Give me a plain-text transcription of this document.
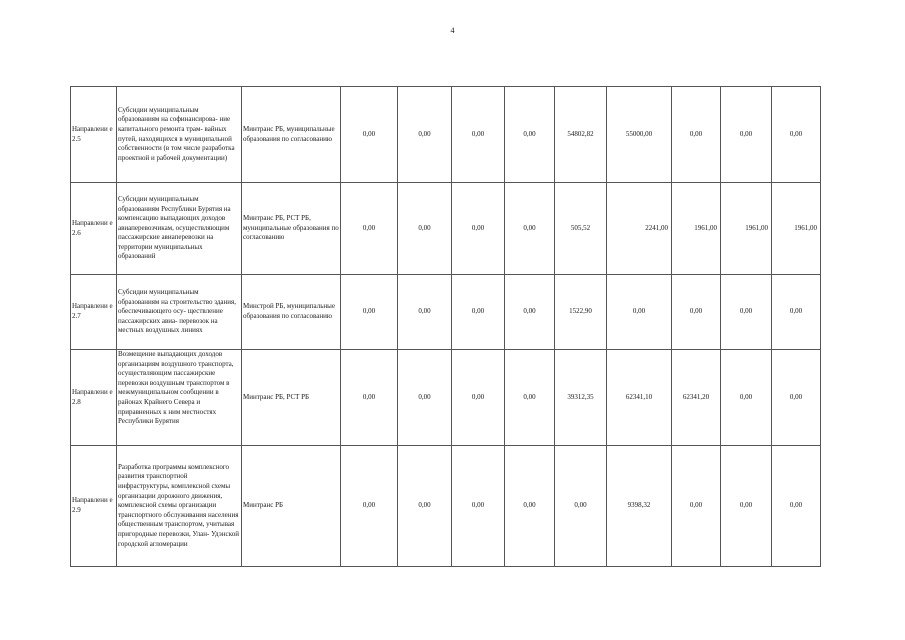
4
Направлени е 2.5	Субсидии муниципальным образованиям на софинансирова- ние капитального ремонта трам- вайных путей, находящихся в муниципальной собственности (в том числе разработка проектной и рабочей документации)	Минтранс РБ, муниципальные образования по согласованию	0,00	0,00	0,00	0,00	54802,82	55000,00	0,00	0,00	0,00
Направлени е 2.6	Субсидии муниципальным образованиям Республики Бурятия на компенсацию выпадающих доходов авиаперевозчикам, осуществляющим пассажирские авиаперевозки на территории муниципальных образований	Минтранс РБ, РСТ РБ, муниципальные образования по согласованию	0,00	0,00	0,00	0,00	505,52	2241,00	1961,00	1961,00	1961,00
Направлени е 2.7	Субсидии муниципальным образованиям на строительство здания, обеспечивающего осу- ществление пассажирских авиа- перевозок на местных воздушных линиях	Минстрой РБ, муниципальные образования по согласованию	0,00	0,00	0,00	0,00	1522,90	0,00	0,00	0,00	0,00
Направлени е 2.8	Возмещение выпадающих доходов организациям воздушного транспорта, осуществляющим пассажирские перевозки воздушным транспортом в межмуниципальном сообщении в районах Крайнего Севера и приравненных к ним местностях Республики Бурятия	Минтранс РБ, РСТ РБ	0,00	0,00	0,00	0,00	39312,35	62341,10	62341,20	0,00	0,00
Направлени е 2.9	Разработка программы комплексного развития транспортной инфраструктуры, комплексной схемы организации дорожного движения, комплексной схемы организации транспортного обслуживания населения общественным транспортом, учитывая пригородные перевозки, Улан- Удэнской городской агломерации	Минтранс РБ	0,00	0,00	0,00	0,00	0,00	9398,32	0,00	0,00	0,00
